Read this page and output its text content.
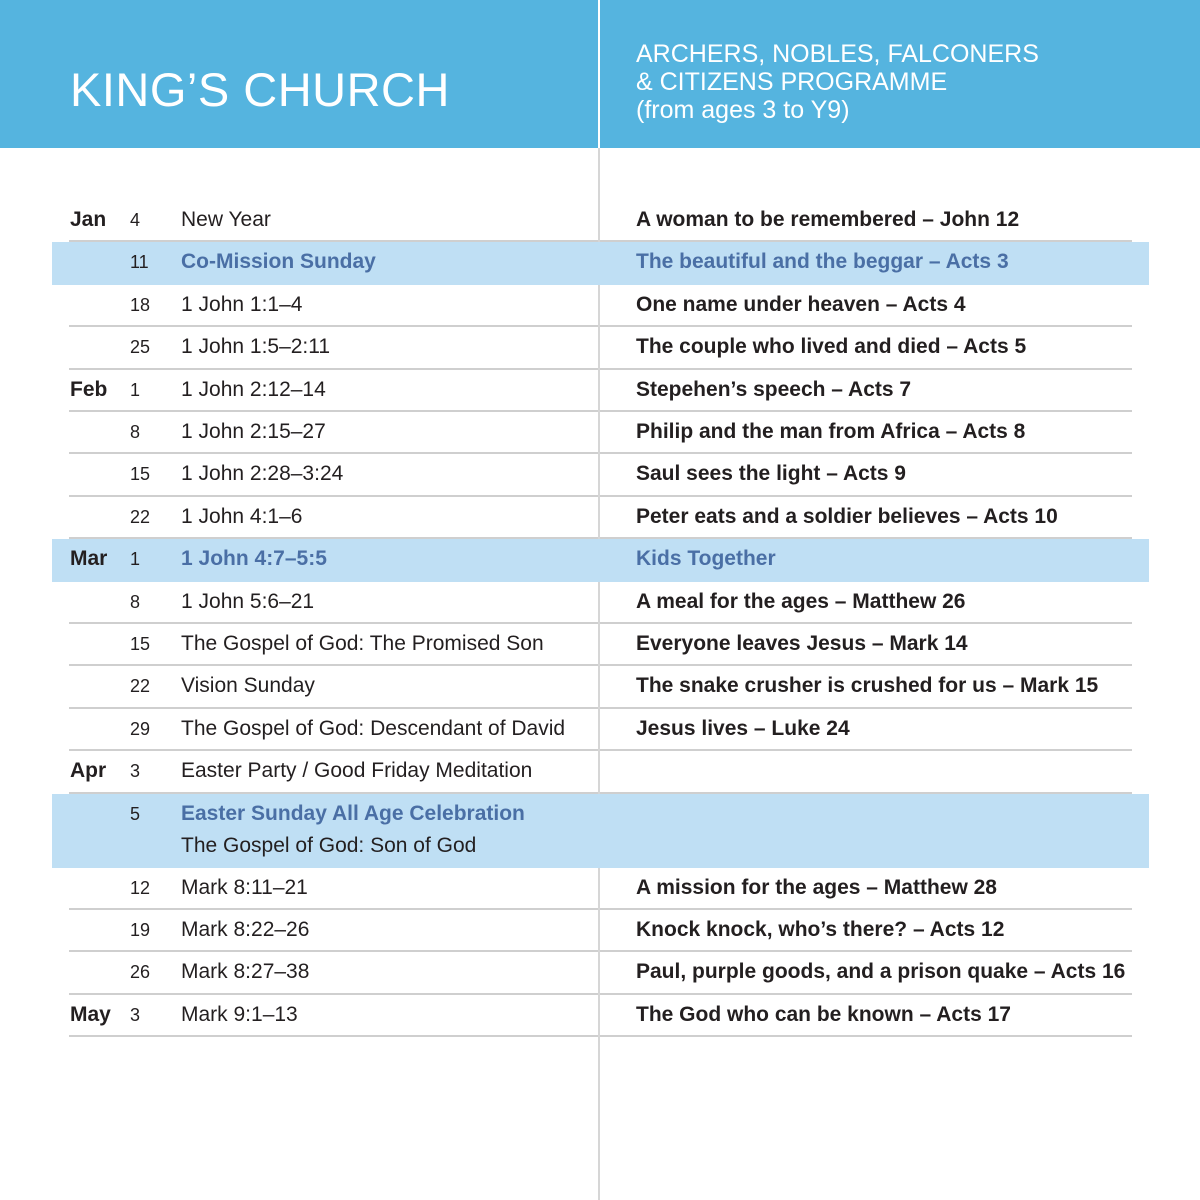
KING’S CHURCH
ARCHERS, NOBLES, FALCONERS
& CITIZENS PROGRAMME
(from ages 3 to Y9)
Jan 4 New Year	A woman to be remembered – John 12
11 Co-Mission Sunday	The beautiful and the beggar – Acts 3
18 1 John 1:1–4	One name under heaven – Acts 4
25 1 John 1:5–2:11	The couple who lived and died – Acts 5
Feb 1 1 John 2:12–14	Stepehen’s speech – Acts 7
8 1 John 2:15–27	Philip and the man from Africa – Acts 8
15 1 John 2:28–3:24	Saul sees the light – Acts 9
22 1 John 4:1–6	Peter eats and a soldier believes – Acts 10
Mar 1 1 John 4:7–5:5	Kids Together
8 1 John 5:6–21	A meal for the ages – Matthew 26
15 The Gospel of God: The Promised Son	Everyone leaves Jesus – Mark 14
22 Vision Sunday	The snake crusher is crushed for us – Mark 15
29 The Gospel of God: Descendant of David	Jesus lives – Luke 24
Apr 3 Easter Party / Good Friday Meditation
5 Easter Sunday All Age Celebration
The Gospel of God: Son of God
12 Mark 8:11–21	A mission for the ages – Matthew 28
19 Mark 8:22–26	Knock knock, who’s there? – Acts 12
26 Mark 8:27–38	Paul, purple goods, and a prison quake – Acts 16
May 3 Mark 9:1–13	The God who can be known – Acts 17
